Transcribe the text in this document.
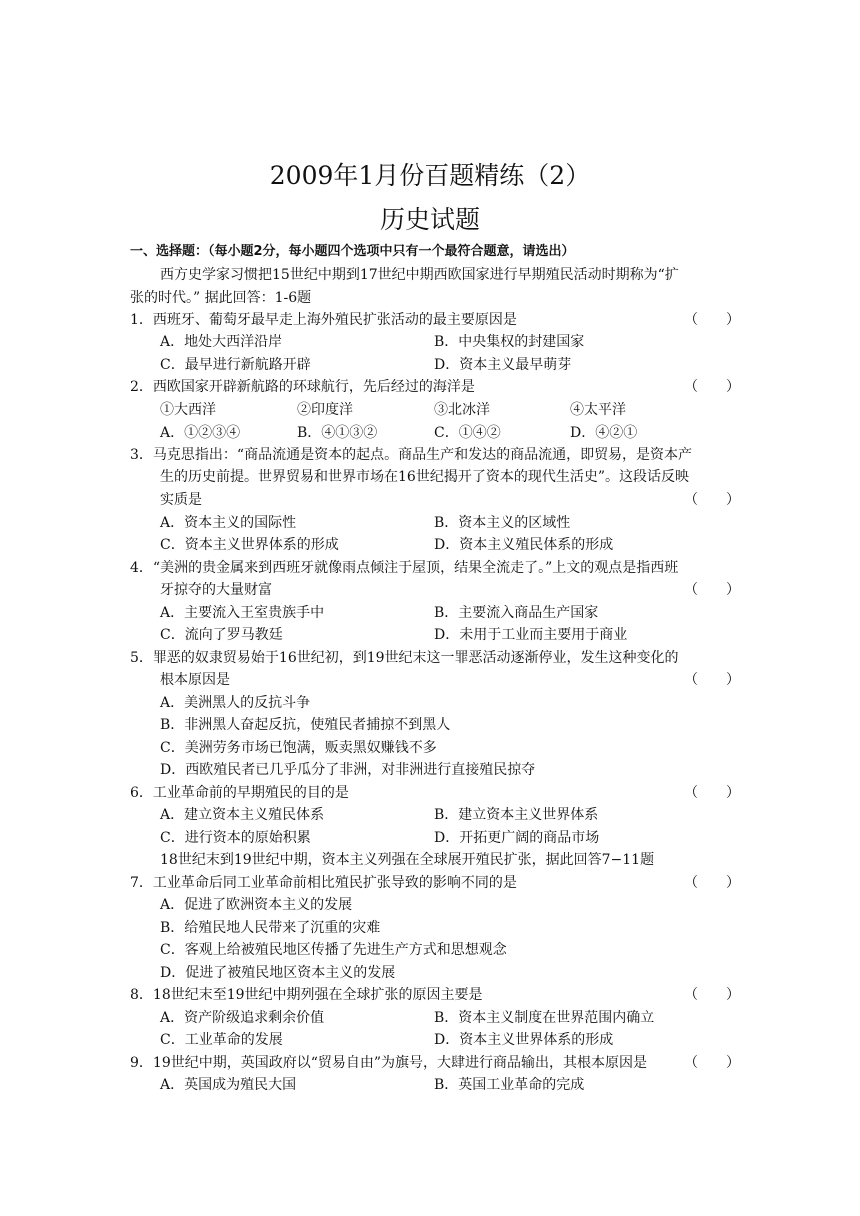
2009年1月份百题精练（2）
历史试题
一、选择题：（每小题2分，每小题四个选项中只有一个最符合题意，请选出）
西方史学家习惯把15世纪中期到17世纪中期西欧国家进行早期殖民活动时期称为“扩
张的时代。” 据此回答：1-6题
1．西班牙、葡萄牙最早走上海外殖民扩张活动的最主要原因是	（　　）
A．地处大西洋沿岸	B．中央集权的封建国家
C．最早进行新航路开辟	D．资本主义最早萌芽
2．西欧国家开辟新航路的环球航行，先后经过的海洋是	（　　）
①大西洋	②印度洋	③北冰洋	④太平洋
A．①②③④	B．④①③②	C．①④②	D．④②①
3．马克思指出：“商品流通是资本的起点。商品生产和发达的商品流通，即贸易，是资本产
生的历史前提。世界贸易和世界市场在16世纪揭开了资本的现代生活史”。这段话反映
实质是	（　　）
A．资本主义的国际性	B．资本主义的区域性
C．资本主义世界体系的形成	D．资本主义殖民体系的形成
4．“美洲的贵金属来到西班牙就像雨点倾注于屋顶，结果全流走了。”上文的观点是指西班
牙掠夺的大量财富	（　　）
A．主要流入王室贵族手中	B．主要流入商品生产国家
C．流向了罗马教廷	D．未用于工业而主要用于商业
5．罪恶的奴隶贸易始于16世纪初，到19世纪末这一罪恶活动逐渐停业，发生这种变化的
根本原因是	（　　）
A．美洲黑人的反抗斗争
B．非洲黑人奋起反抗，使殖民者捕掠不到黑人
C．美洲劳务市场已饱满，贩卖黑奴赚钱不多
D．西欧殖民者已几乎瓜分了非洲，对非洲进行直接殖民掠夺
6．工业革命前的早期殖民的目的是	（　　）
A．建立资本主义殖民体系	B．建立资本主义世界体系
C．进行资本的原始积累	D．开拓更广阔的商品市场
18世纪末到19世纪中期，资本主义列强在全球展开殖民扩张，据此回答7−11题
7．工业革命后同工业革命前相比殖民扩张导致的影响不同的是	（　　）
A．促进了欧洲资本主义的发展
B．给殖民地人民带来了沉重的灾难
C．客观上给被殖民地区传播了先进生产方式和思想观念
D．促进了被殖民地区资本主义的发展
8．18世纪末至19世纪中期列强在全球扩张的原因主要是	（　　）
A．资产阶级追求剩余价值	B．资本主义制度在世界范围内确立
C．工业革命的发展	D．资本主义世界体系的形成
9．19世纪中期，英国政府以“贸易自由”为旗号，大肆进行商品输出，其根本原因是	（　　）
A．英国成为殖民大国	B．英国工业革命的完成
